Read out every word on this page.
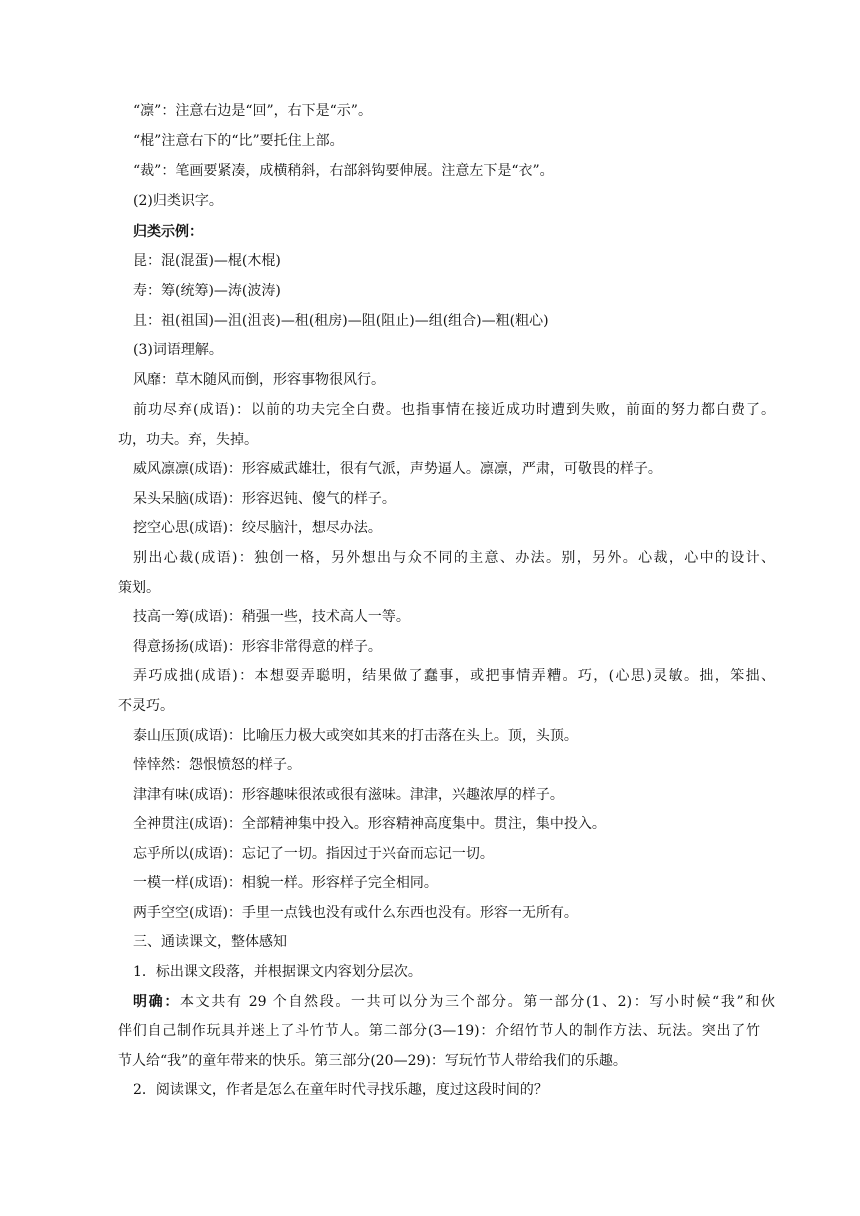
“凛”：注意右边是“回”，右下是“示”。
“棍”注意右下的“比”要托住上部。
“裁”：笔画要紧凑，成横稍斜，右部斜钩要伸展。注意左下是“衣”。
(2)归类识字。
归类示例：
昆：混(混蛋)—棍(木棍)
寿：筹(统筹)—涛(波涛)
且：祖(祖国)—沮(沮丧)—租(租房)—阻(阻止)—组(组合)—粗(粗心)
(3)词语理解。
风靡：草木随风而倒，形容事物很风行。
前功尽弃(成语)：以前的功夫完全白费。也指事情在接近成功时遭到失败，前面的努力都白费了。
功，功夫。弃，失掉。
威风凛凛(成语)：形容威武雄壮，很有气派，声势逼人。凛凛，严肃，可敬畏的样子。
呆头呆脑(成语)：形容迟钝、傻气的样子。
挖空心思(成语)：绞尽脑汁，想尽办法。
别出心裁(成语)：独创一格，另外想出与众不同的主意、办法。别，另外。心裁，心中的设计、
策划。
技高一筹(成语)：稍强一些，技术高人一等。
得意扬扬(成语)：形容非常得意的样子。
弄巧成拙(成语)：本想耍弄聪明，结果做了蠢事，或把事情弄糟。巧，(心思)灵敏。拙，笨拙、
不灵巧。
泰山压顶(成语)：比喻压力极大或突如其来的打击落在头上。顶，头顶。
悻悻然：怨恨愤怒的样子。
津津有味(成语)：形容趣味很浓或很有滋味。津津，兴趣浓厚的样子。
全神贯注(成语)：全部精神集中投入。形容精神高度集中。贯注，集中投入。
忘乎所以(成语)：忘记了一切。指因过于兴奋而忘记一切。
一模一样(成语)：相貌一样。形容样子完全相同。
两手空空(成语)：手里一点钱也没有或什么东西也没有。形容一无所有。
三、通读课文，整体感知
1．标出课文段落，并根据课文内容划分层次。
明确：本文共有 29 个自然段。一共可以分为三个部分。第一部分(1、2)：写小时候“我”和伙
伴们自己制作玩具并迷上了斗竹节人。第二部分(3—19)：介绍竹节人的制作方法、玩法。突出了竹
节人给“我”的童年带来的快乐。第三部分(20—29)：写玩竹节人带给我们的乐趣。
2．阅读课文，作者是怎么在童年时代寻找乐趣，度过这段时间的？
